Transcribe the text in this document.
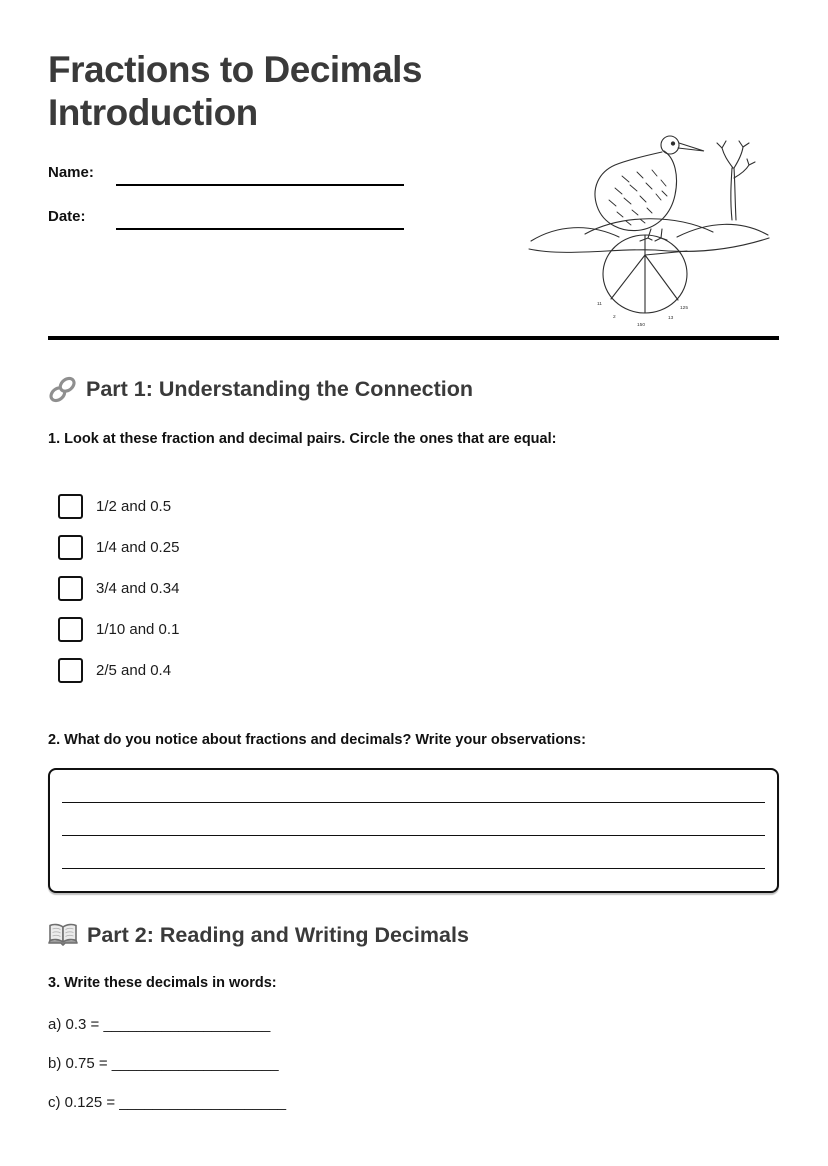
Fractions to Decimals Introduction
Name:
Date:
11
2
150
13
125
Part 1: Understanding the Connection
1. Look at these fraction and decimal pairs. Circle the ones that are equal:
1/2 and 0.5
1/4 and 0.25
3/4 and 0.34
1/10 and 0.1
2/5 and 0.4
2. What do you notice about fractions and decimals? Write your observations:
Part 2: Reading and Writing Decimals
3. Write these decimals in words:
a) 0.3 = ____________________
b) 0.75 = ____________________
c) 0.125 = ____________________
